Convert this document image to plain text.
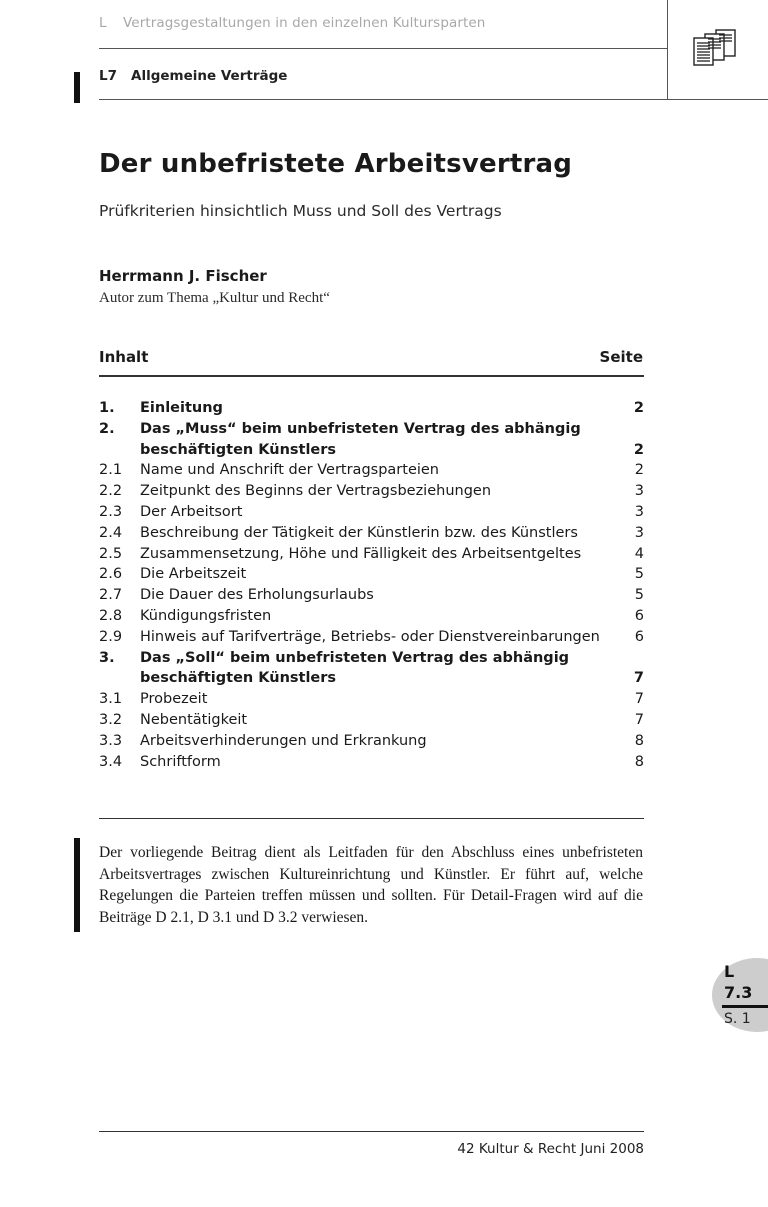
L Vertragsgestaltungen in den einzelnen Kultursparten
L7 Allgemeine Verträge
Der unbefristete Arbeitsvertrag
Prüfkriterien hinsichtlich Muss und Soll des Vertrags
Herrmann J. Fischer
Autor zum Thema „Kultur und Recht“
Inhalt	Seite
1. Einleitung	2
2. Das „Muss“ beim unbefristeten Vertrag des abhängig
beschäftigten Künstlers	2
2.1 Name und Anschrift der Vertragsparteien	2
2.2 Zeitpunkt des Beginns der Vertragsbeziehungen	3
2.3 Der Arbeitsort	3
2.4 Beschreibung der Tätigkeit der Künstlerin bzw. des Künstlers	3
2.5 Zusammensetzung, Höhe und Fälligkeit des Arbeitsentgeltes	4
2.6 Die Arbeitszeit	5
2.7 Die Dauer des Erholungsurlaubs	5
2.8 Kündigungsfristen	6
2.9 Hinweis auf Tarifverträge, Betriebs- oder Dienstvereinbarungen 6
3. Das „Soll“ beim unbefristeten Vertrag des abhängig
beschäftigten Künstlers	7
3.1 Probezeit	7
3.2 Nebentätigkeit	7
3.3 Arbeitsverhinderungen und Erkrankung	8
3.4 Schriftform	8
Der vorliegende Beitrag dient als Leitfaden für den Abschluss eines unbefristeten Arbeitsvertrages zwischen Kultureinrichtung und Künstler. Er führt auf, welche Regelungen die Parteien treffen müssen und sollten. Für Detail-Fragen wird auf die Beiträge D 2.1, D 3.1 und D 3.2 verwiesen.
L
7.3
S. 1
42 Kultur & Recht Juni 2008
